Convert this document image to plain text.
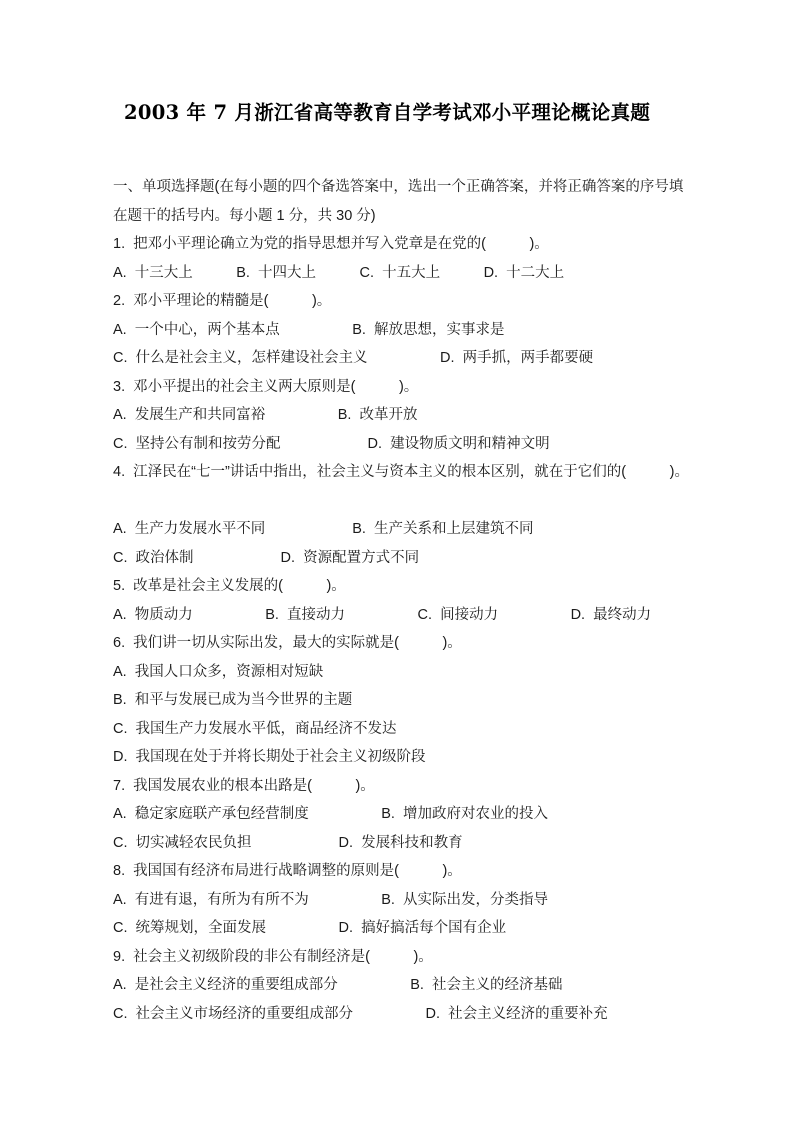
2003 年 7 月浙江省高等教育自学考试邓小平理论概论真题

一、单项选择题(在每小题的四个备选答案中，选出一个正确答案，并将正确答案的序号填

在题干的括号内。每小题 1 分，共 30 分)

1.  把邓小平理论确立为党的指导思想并写入党章是在党的(　　　)。

A.  十三大上　　　B.  十四大上　　　C.  十五大上　　　D.  十二大上

2.  邓小平理论的精髓是(　　　)。

A.  一个中心，两个基本点　　　　　B.  解放思想，实事求是

C.  什么是社会主义，怎样建设社会主义　　　　　D.  两手抓，两手都要硬

3.  邓小平提出的社会主义两大原则是(　　　)。

A.  发展生产和共同富裕　　　　　B.  改革开放

C.  坚持公有制和按劳分配　　　　　　D.  建设物质文明和精神文明

4.  江泽民在“七一”讲话中指出，社会主义与资本主义的根本区别，就在于它们的(　　　)。

A.  生产力发展水平不同　　　　　　B.  生产关系和上层建筑不同

C.  政治体制　　　　　　D.  资源配置方式不同

5.  改革是社会主义发展的(　　　)。

A.  物质动力　　　　　B.  直接动力　　　　　C.  间接动力　　　　　D.  最终动力

6.  我们讲一切从实际出发，最大的实际就是(　　　)。

A.  我国人口众多，资源相对短缺

B.  和平与发展已成为当今世界的主题

C.  我国生产力发展水平低，商品经济不发达

D.  我国现在处于并将长期处于社会主义初级阶段

7.  我国发展农业的根本出路是(　　　)。

A.  稳定家庭联产承包经营制度　　　　　B.  增加政府对农业的投入

C.  切实减轻农民负担　　　　　　D.  发展科技和教育

8.  我国国有经济布局进行战略调整的原则是(　　　)。

A.  有进有退，有所为有所不为　　　　　B.  从实际出发，分类指导

C.  统筹规划，全面发展　　　　　D.  搞好搞活每个国有企业

9.  社会主义初级阶段的非公有制经济是(　　　)。

A.  是社会主义经济的重要组成部分　　　　　B.  社会主义的经济基础

C.  社会主义市场经济的重要组成部分　　　　　D.  社会主义经济的重要补充
